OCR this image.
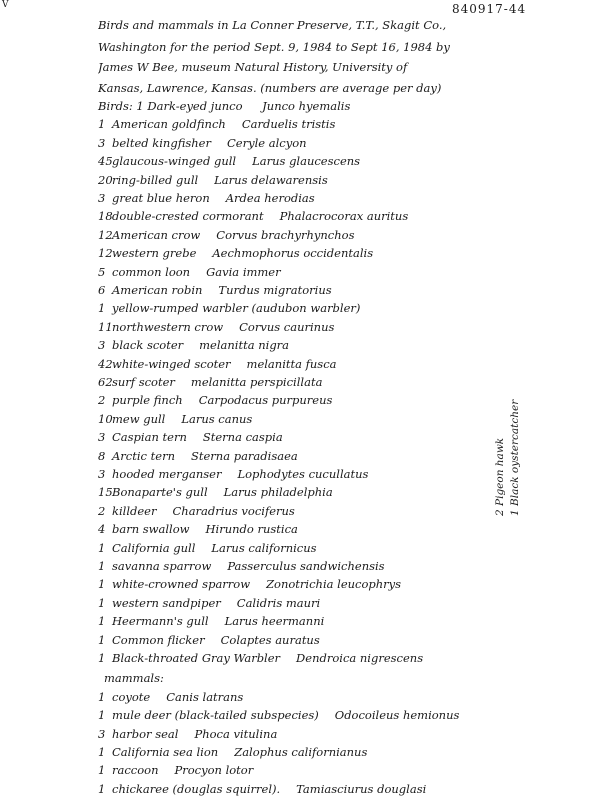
V	840917-44
Birds and mammals in La Conner Preserve, T.T., Skagit Co.,
Washington for the period Sept. 9, 1984 to Sept 16, 1984 by
James W Bee, museum Natural History, University of
Kansas, Lawrence, Kansas. (numbers are average per day)
Birds: 1 Dark-eyed junco Junco hyemalis
1 American goldfinch Carduelis tristis
3 belted kingfisher Ceryle alcyon
45glaucous-winged gull Larus glaucescens
20ring-billed gull Larus delawarensis
3 great blue heron Ardea herodias
18double-crested cormorant Phalacrocorax auritus
12American crow Corvus brachyrhynchos
12western grebe Aechmophorus occidentalis
5 common loon Gavia immer
6 American robin Turdus migratorius
1 yellow-rumped warbler (audubon warbler)
11northwestern crow Corvus caurinus
3 black scoter melanitta nigra
42white-winged scoter melanitta fusca
62surf scoter melanitta perspicillata
2 purple finch Carpodacus purpureus
10mew gull Larus canus
3 Caspian tern Sterna caspia
8 Arctic tern Sterna paradisaea
3 hooded merganser Lophodytes cucullatus
15Bonaparte's gull Larus philadelphia
2 killdeer Charadrius vociferus
4 barn swallow Hirundo rustica
1 California gull Larus californicus
1 savanna sparrow Passerculus sandwichensis
1 white-crowned sparrow Zonotrichia leucophrys
1 western sandpiper Calidris mauri
1 Heermann's gull Larus heermanni
1 Common flicker Colaptes auratus
1 Black-throated Gray Warbler Dendroica nigrescens
2 Pigeon hawk 1 Black oystercatcher
mammals:
1 coyote Canis latrans
1 mule deer (black-tailed subspecies) Odocoileus hemionus
3 harbor seal Phoca vitulina
1 California sea lion Zalophus californianus
1 raccoon Procyon lotor
1 chickaree (douglas squirrel). Tamiasciurus douglasi
